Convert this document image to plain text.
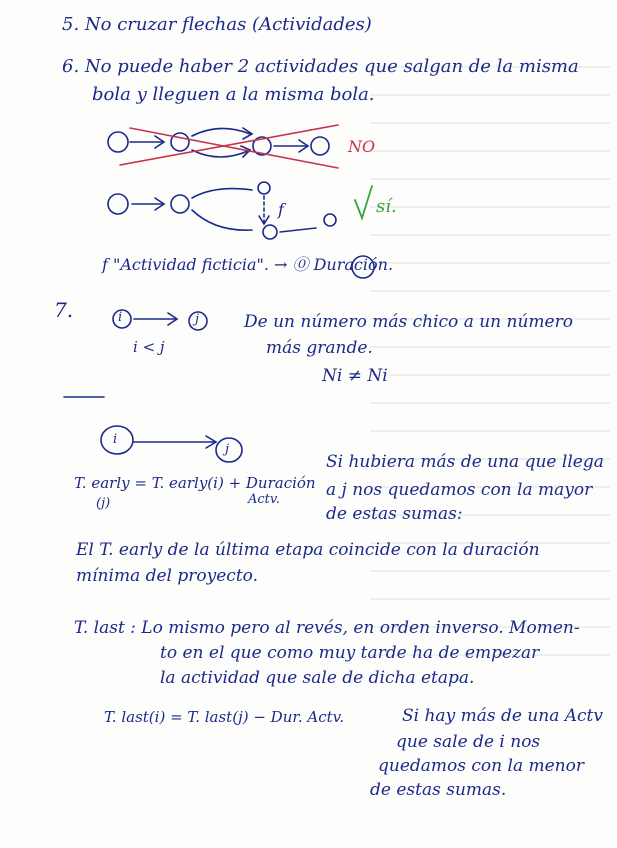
5. No cruzar flechas (Actividades)
6. No puede haber 2 actividades que salgan de la misma
bola y lleguen a la misma bola.
NO
f	sí.
f "Actividad ficticia". → ⓪ Duración.
7.	i	j
i < j
De un número más chico a un número
más grande.
Ni ≠ Ni
i
j
T. early = T. early(i) + Duración
(j)	Actv.
Si hubiera más de una que llega
a j nos quedamos con la mayor
de estas sumas:
El T. early de la última etapa coincide con la duración
mínima del proyecto.
T. last : Lo mismo pero al revés, en orden inverso. Momen-
to en el que como muy tarde ha de empezar
la actividad que sale de dicha etapa.
T. last(i) = T. last(j) − Dur. Actv.	Si hay más de una Actv
que sale de i nos
quedamos con la menor
de estas sumas.
